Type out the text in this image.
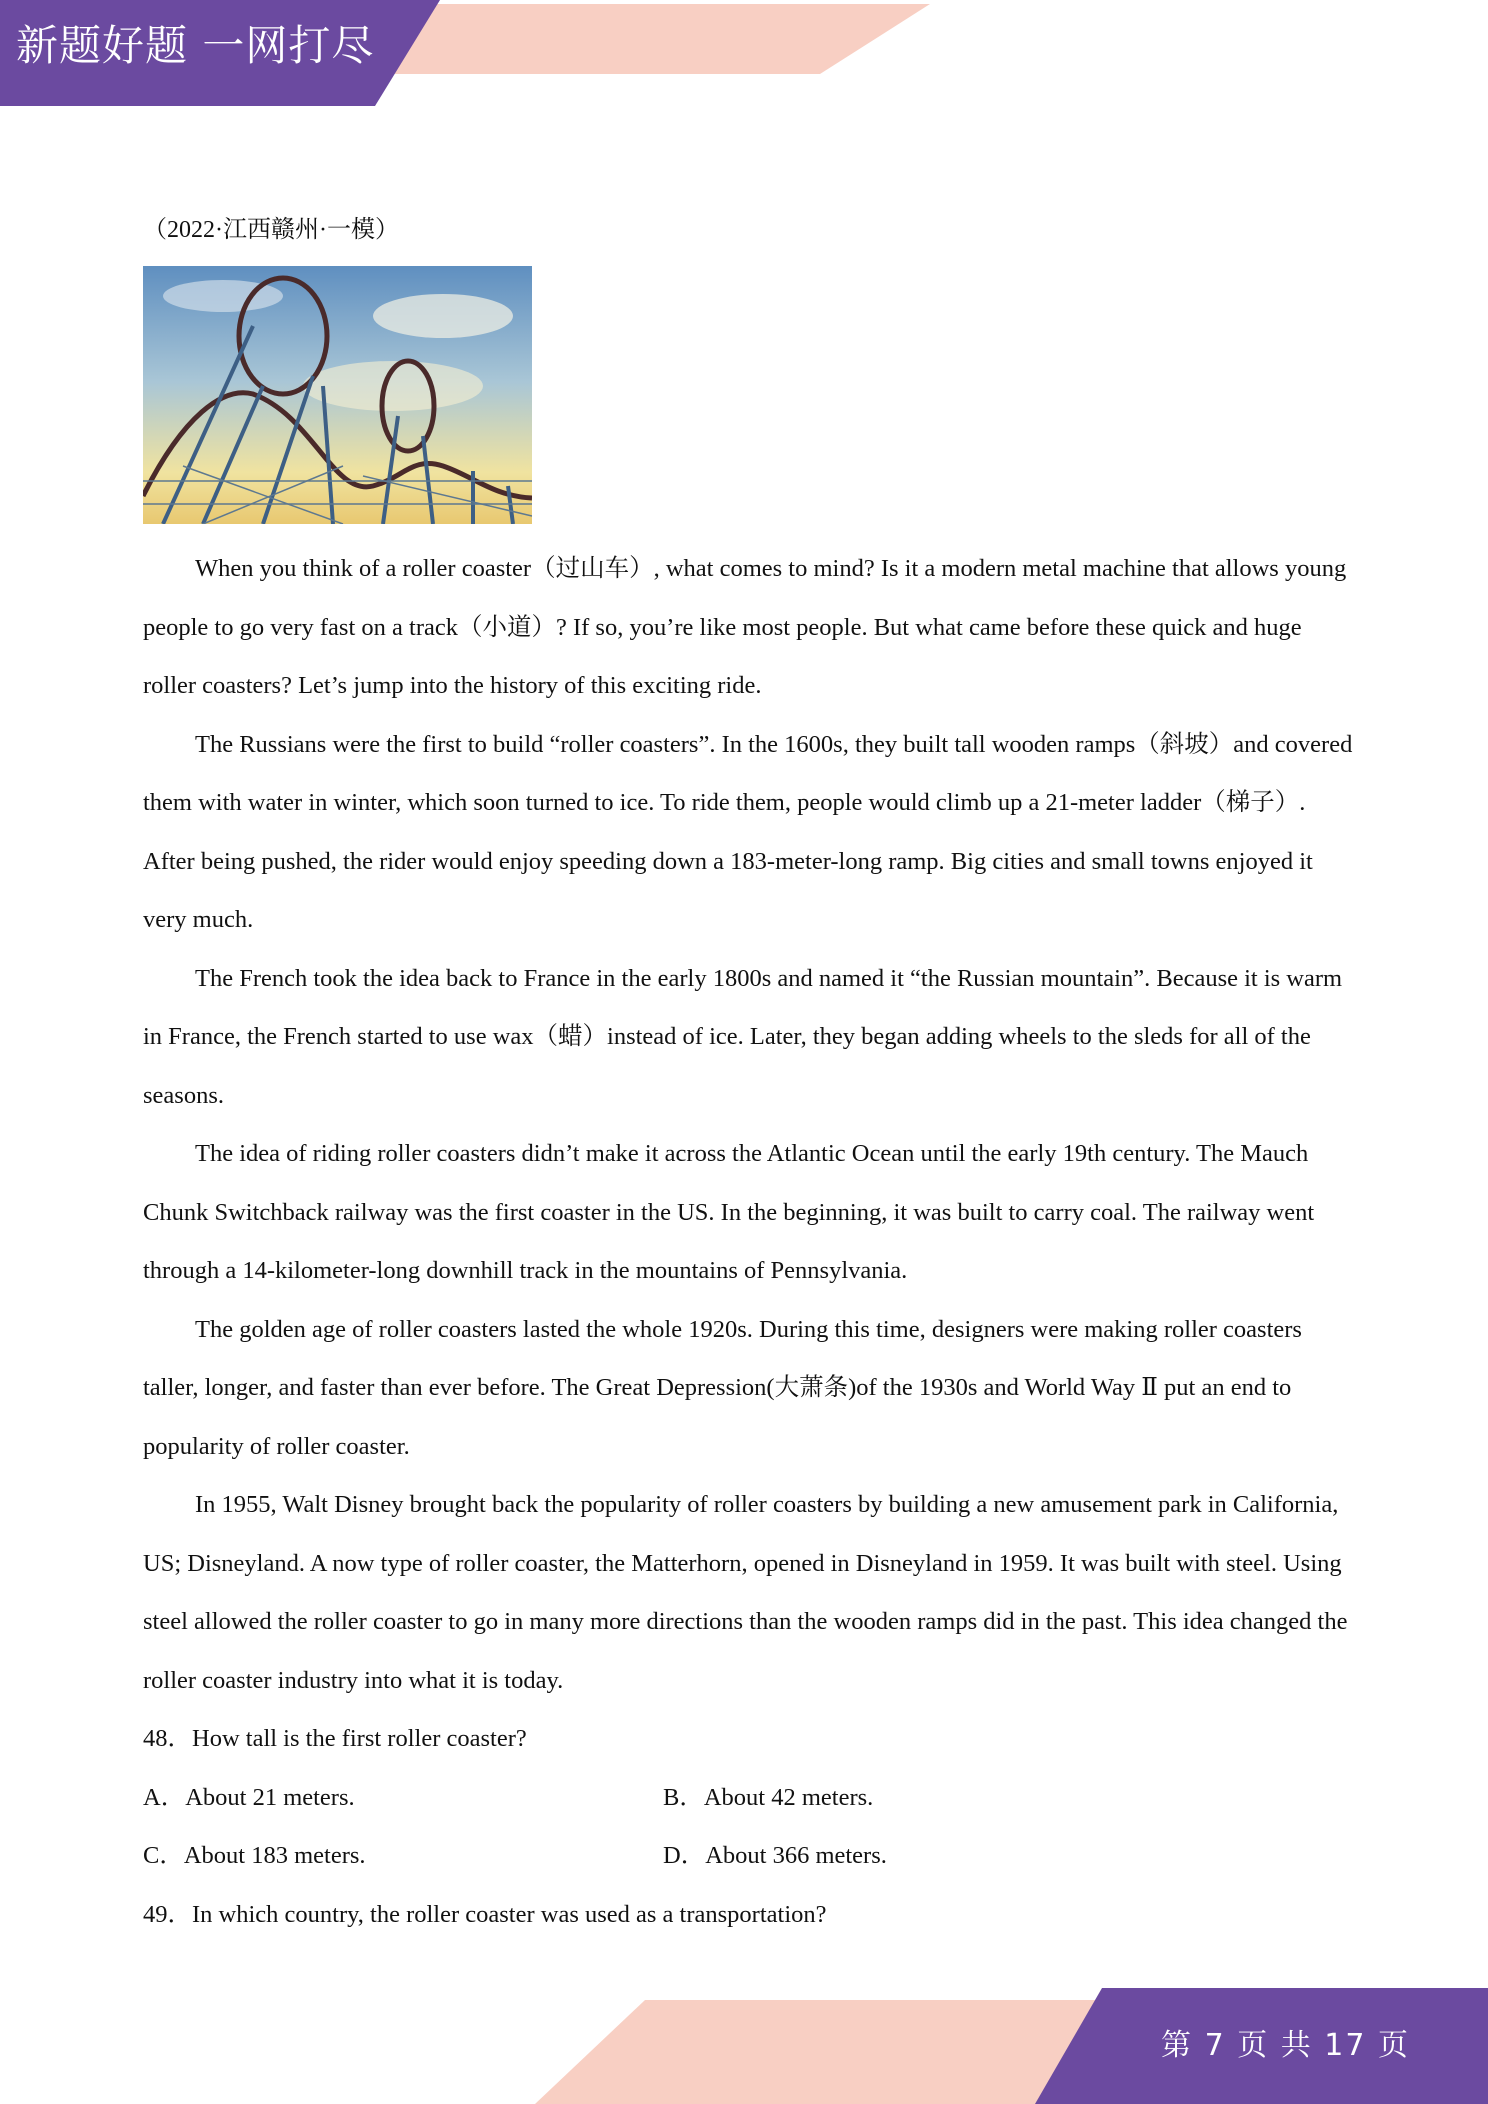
新题好题 一网打尽
（2022·江西赣州·一模）

When you think of a roller coaster（过山车）, what comes to mind? Is it a modern metal machine that allows young people to go very fast on a track（小道）? If so, you’re like most people. But what came before these quick and huge roller coasters? Let’s jump into the history of this exciting ride.

The Russians were the first to build “roller coasters”. In the 1600s, they built tall wooden ramps（斜坡）and covered them with water in winter, which soon turned to ice. To ride them, people would climb up a 21-meter ladder（梯子）. After being pushed, the rider would enjoy speeding down a 183-meter-long ramp. Big cities and small towns enjoyed it very much.

The French took the idea back to France in the early 1800s and named it “the Russian mountain”. Because it is warm in France, the French started to use wax（蜡）instead of ice. Later, they began adding wheels to the sleds for all of the seasons.

The idea of riding roller coasters didn’t make it across the Atlantic Ocean until the early 19th century. The Mauch Chunk Switchback railway was the first coaster in the US. In the beginning, it was built to carry coal. The railway went through a 14-kilometer-long downhill track in the mountains of Pennsylvania.

The golden age of roller coasters lasted the whole 1920s. During this time, designers were making roller coasters taller, longer, and faster than ever before. The Great Depression(大萧条)of the 1930s and World Way Ⅱ put an end to popularity of roller coaster.

In 1955, Walt Disney brought back the popularity of roller coasters by building a new amusement park in California, US; Disneyland. A now type of roller coaster, the Matterhorn, opened in Disneyland in 1959. It was built with steel. Using steel allowed the roller coaster to go in many more directions than the wooden ramps did in the past. This idea changed the roller coaster industry into what it is today.

48．How tall is the first roller coaster?
A．About 21 meters.	B．About 42 meters.
C．About 183 meters.	D．About 366 meters.
49．In which country, the roller coaster was used as a transportation?
第 7 页 共 17 页
